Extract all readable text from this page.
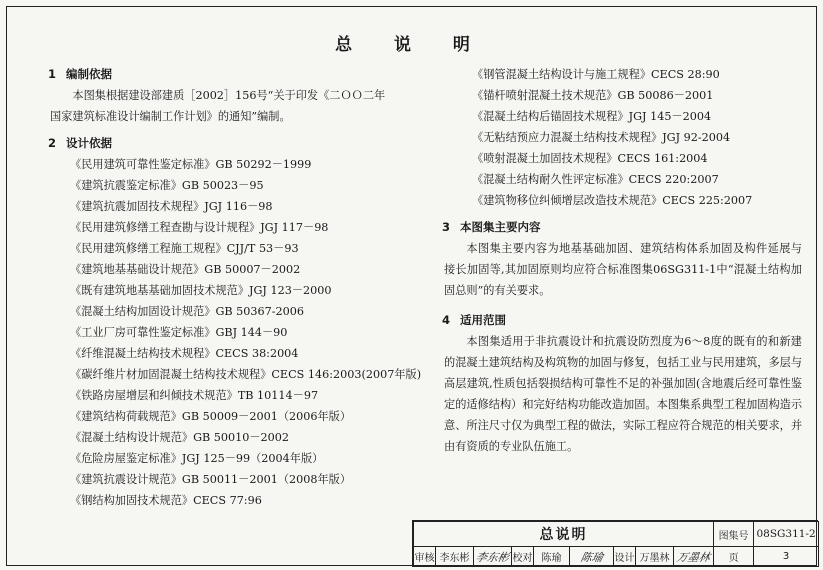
总 说 明
1 编制依据

本图集根据建设部建质［2002］156号“关于印发《二ＯＯ二年

国家建筑标准设计编制工作计划》的通知”编制。

2 设计依据
《民用建筑可靠性鉴定标准》GB 50292－1999
《建筑抗震鉴定标准》GB 50023－95
《建筑抗震加固技术规程》JGJ 116－98
《民用建筑修缮工程查勘与设计规程》JGJ 117－98
《民用建筑修缮工程施工规程》CJJ/T 53－93
《建筑地基基础设计规范》GB 50007－2002
《既有建筑地基基础加固技术规范》JGJ 123－2000
《混凝土结构加固设计规范》GB 50367-2006
《工业厂房可靠性鉴定标准》GBJ 144－90
《纤维混凝土结构技术规程》CECS 38:2004
《碳纤维片材加固混凝土结构技术规程》CECS 146:2003(2007年版)
《铁路房屋增层和纠倾技术规范》TB 10114－97
《建筑结构荷载规范》GB 50009－2001（2006年版）
《混凝土结构设计规范》GB 50010－2002
《危险房屋鉴定标准》JGJ 125－99（2004年版）
《建筑抗震设计规范》GB 50011－2001（2008年版）
《钢结构加固技术规范》CECS 77:96
《钢管混凝土结构设计与施工规程》CECS 28:90
《锚杆喷射混凝土技术规范》GB 50086－2001
《混凝土结构后锚固技术规程》JGJ 145－2004
《无粘结预应力混凝土结构技术规程》JGJ 92-2004
《喷射混凝土加固技术规程》CECS 161:2004
《混凝土结构耐久性评定标准》CECS 220:2007
《建筑物移位纠倾增层改造技术规范》CECS 225:2007
3 本图集主要内容

本图集主要内容为地基基础加固、建筑结构体系加固及构件延展与接长加固等,其加固原则均应符合标准图集06SG311-1中“混凝土结构加固总则”的有关要求。

4 适用范围

本图集适用于非抗震设计和抗震设防烈度为6～8度的既有的和新建的混凝土建筑结构及构筑物的加固与修复，包括工业与民用建筑，多层与高层建筑,性质包括裂损结构可靠性不足的补强加固(含地震后经可靠性鉴定的适修结构）和完好结构功能改造加固。本图集系典型工程加固构造示意、所注尺寸仅为典型工程的做法，实际工程应符合规范的相关要求，并由有资质的专业队伍施工。

总说明									图集号	08SG311-2
审核	李东彬	李东彬	校对	陈瑜	陈瑜	设计	万墨林	万墨林	页	3
